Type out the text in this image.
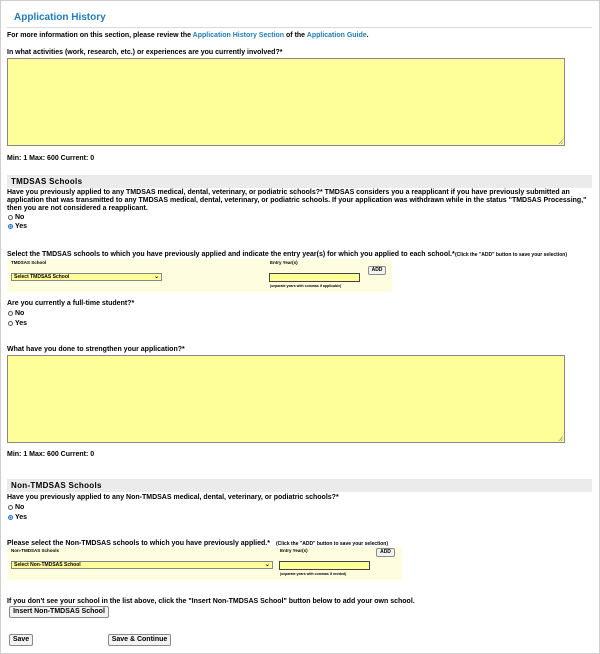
Application History
For more information on this section, please review the Application History Section of the Application Guide.
In what activities (work, research, etc.) or experiences are you currently involved?*
Min: 1 Max: 600 Current: 0
TMDSAS Schools
Have you previously applied to any TMDSAS medical, dental, veterinary, or podiatric schools?* TMDSAS considers you a reapplicant if you have previously submitted an
application that was transmitted to any TMDSAS medical, dental, veterinary, or podiatric schools. If your application was withdrawn while in the status "TMDSAS Processing,"
then you are not considered a reapplicant.
No
Yes
Select the TMDSAS schools to which you have previously applied and indicate the entry year(s) for which you applied to each school.* (Click the "ADD" button to save your selection)
TMDSAS School
Select TMDSAS School	⌄
Entry Year(s)
(separate years with commas if applicable)
ADD
Are you currently a full-time student?*
No
Yes
What have you done to strengthen your application?*
Min: 1 Max: 600 Current: 0
Non-TMDSAS Schools
Have you previously applied to any Non-TMDSAS medical, dental, veterinary, or podiatric schools?*
No
Yes
Please select the Non-TMDSAS schools to which you have previously applied.* (Click the "ADD" button to save your selection)
Non-TMDSAS Schools
Select Non-TMDSAS School	⌄
Entry Year(s)
(separate years with commas if needed)
ADD
If you don't see your school in the list above, click the "Insert Non-TMDSAS School" button below to add your own school.
Insert Non-TMDSAS School
Save	Save & Continue
